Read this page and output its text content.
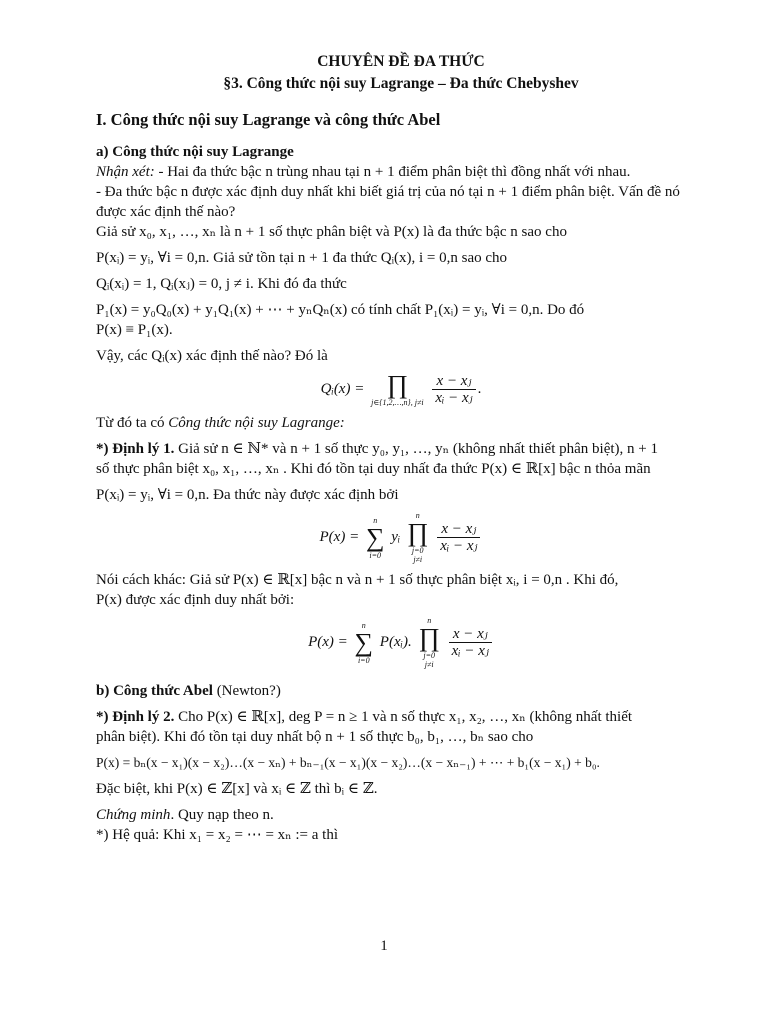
CHUYÊN ĐỀ ĐA THỨC
§3. Công thức nội suy Lagrange – Đa thức Chebyshev
I. Công thức nội suy Lagrange và công thức Abel
a) Công thức nội suy Lagrange

Nhận xét: - Hai đa thức bậc n trùng nhau tại n + 1 điểm phân biệt thì đồng nhất với nhau.

- Đa thức bậc n được xác định duy nhất khi biết giá trị của nó tại n + 1 điểm phân biệt. Vấn đề nó được xác định thế nào?

Giả sử x₀, x₁, …, xₙ là n + 1 số thực phân biệt và P(x) là đa thức bậc n sao cho

P(xᵢ) = yᵢ, ∀i = 0,n. Giả sử tồn tại n + 1 đa thức Qᵢ(x), i = 0,n sao cho

Qᵢ(xᵢ) = 1, Qᵢ(xⱼ) = 0, j ≠ i. Khi đó đa thức

P₁(x) = y₀Q₀(x) + y₁Q₁(x) + ⋯ + yₙQₙ(x) có tính chất P₁(xᵢ) = yᵢ, ∀i = 0,n. Do đó

P(x) ≡ P₁(x).

Vậy, các Qᵢ(x) xác định thế nào? Đó là

Qᵢ(x) = ∏
j∈{1,2,…,n}, j≠i
$\frac{\text{x − xⱼ}}{\text{xᵢ − xⱼ}}$ .

Từ đó ta có Công thức nội suy Lagrange:

*) Định lý 1. Giả sử n ∈ ℕ* và n + 1 số thực y₀, y₁, …, yₙ (không nhất thiết phân biệt), n + 1

số thực phân biệt x₀, x₁, …, xₙ . Khi đó tồn tại duy nhất đa thức P(x) ∈ ℝ[x] bậc n thỏa mãn

P(xᵢ) = yᵢ, ∀i = 0,n. Đa thức này được xác định bởi

P(x) =
n
∑
i=0
yᵢ
n
∏
j=0
j≠i

$\frac{\text{x − xⱼ}}{\text{xᵢ − xⱼ}}$

Nói cách khác: Giả sử P(x) ∈ ℝ[x] bậc n và n + 1 số thực phân biệt xᵢ, i = 0,n . Khi đó,

P(x) được xác định duy nhất bởi:

P(x) =
n
∑
i=0
P(xᵢ).
n
∏
j=0
j≠i

$\frac{\text{x − xⱼ}}{\text{xᵢ − xⱼ}}$
b) Công thức Abel (Newton?)

*) Định lý 2. Cho P(x) ∈ ℝ[x], deg P = n ≥ 1 và n số thực x₁, x₂, …, xₙ (không nhất thiết

phân biệt). Khi đó tồn tại duy nhất bộ n + 1 số thực b₀, b₁, …, bₙ sao cho

P(x) = bₙ(x − x₁)(x − x₂)…(x − xₙ) + bₙ₋₁(x − x₁)(x − x₂)…(x − xₙ₋₁) + ⋯ + b₁(x − x₁) + b₀.

Đặc biệt, khi P(x) ∈ ℤ[x] và xᵢ ∈ ℤ thì bᵢ ∈ ℤ.

Chứng minh. Quy nạp theo n.

*) Hệ quả: Khi x₁ = x₂ = ⋯ = xₙ := a thì

1
